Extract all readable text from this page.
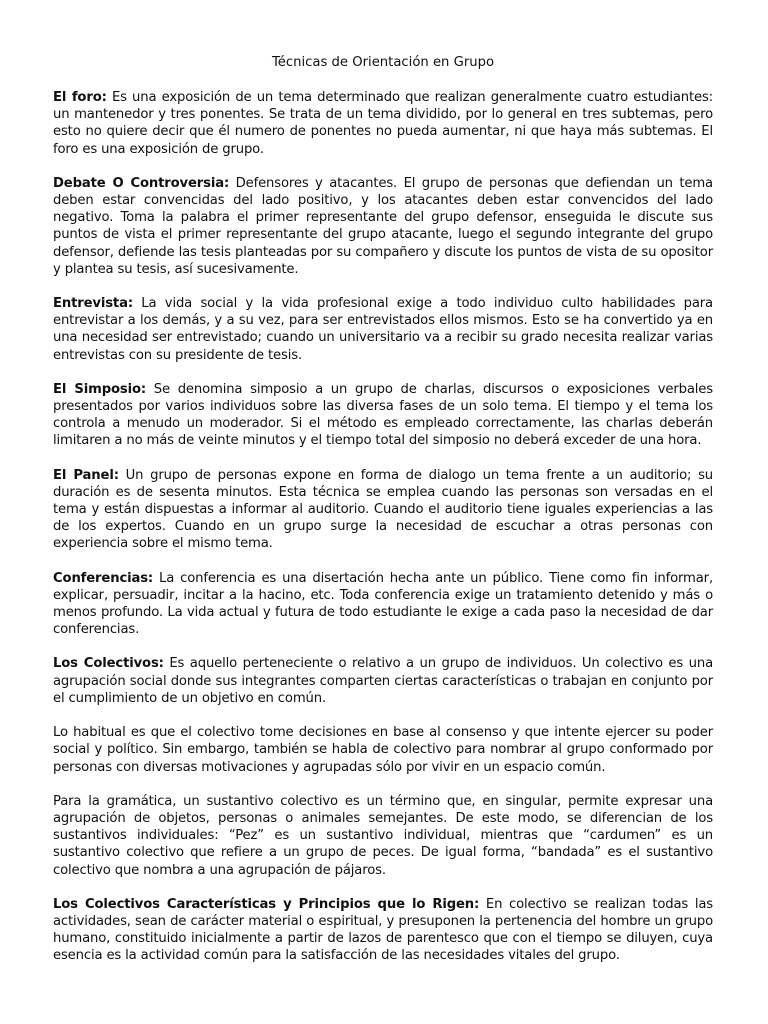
Técnicas de Orientación en Grupo

El foro: Es una exposición de un tema determinado que realizan generalmente cuatro estudiantes: un mantenedor y tres ponentes. Se trata de un tema dividido, por lo general en tres subtemas, pero esto no quiere decir que él numero de ponentes no pueda aumentar, ni que haya más subtemas. El foro es una exposición de grupo.

Debate O Controversia: Defensores y atacantes. El grupo de personas que defiendan un tema deben estar convencidas del lado positivo, y los atacantes deben estar convencidos del lado negativo. Toma la palabra el primer representante del grupo defensor, enseguida le discute sus puntos de vista el primer representante del grupo atacante, luego el segundo integrante del grupo defensor, defiende las tesis planteadas por su compañero y discute los puntos de vista de su opositor y plantea su tesis, así sucesivamente.

Entrevista: La vida social y la vida profesional exige a todo individuo culto habilidades para entrevistar a los demás, y a su vez, para ser entrevistados ellos mismos. Esto se ha convertido ya en una necesidad ser entrevistado; cuando un universitario va a recibir su grado necesita realizar varias entrevistas con su presidente de tesis.

El Simposio: Se denomina simposio a un grupo de charlas, discursos o exposiciones verbales presentados por varios individuos sobre las diversa fases de un solo tema. El tiempo y el tema los controla a menudo un moderador. Si el método es empleado correctamente, las charlas deberán limitaren a no más de veinte minutos y el tiempo total del simposio no deberá exceder de una hora.

El Panel: Un grupo de personas expone en forma de dialogo un tema frente a un auditorio; su duración es de sesenta minutos. Esta técnica se emplea cuando las personas son versadas en el tema y están dispuestas a informar al auditorio. Cuando el auditorio tiene iguales experiencias a las de los expertos. Cuando en un grupo surge la necesidad de escuchar a otras personas con experiencia sobre el mismo tema.

Conferencias: La conferencia es una disertación hecha ante un público. Tiene como fin informar, explicar, persuadir, incitar a la hacino, etc. Toda conferencia exige un tratamiento detenido y más o menos profundo. La vida actual y futura de todo estudiante le exige a cada paso la necesidad de dar conferencias.

Los Colectivos: Es aquello perteneciente o relativo a un grupo de individuos. Un colectivo es una agrupación social donde sus integrantes comparten ciertas características o trabajan en conjunto por el cumplimiento de un objetivo en común.

Lo habitual es que el colectivo tome decisiones en base al consenso y que intente ejercer su poder social y político. Sin embargo, también se habla de colectivo para nombrar al grupo conformado por personas con diversas motivaciones y agrupadas sólo por vivir en un espacio común.

Para la gramática, un sustantivo colectivo es un término que, en singular, permite expresar una agrupación de objetos, personas o animales semejantes. De este modo, se diferencian de los sustantivos individuales: “Pez” es un sustantivo individual, mientras que “cardumen” es un sustantivo colectivo que refiere a un grupo de peces. De igual forma, “bandada” es el sustantivo colectivo que nombra a una agrupación de pájaros.

Los Colectivos Características y Principios que lo Rigen: En colectivo se realizan todas las actividades, sean de carácter material o espiritual, y presuponen la pertenencia del hombre un grupo humano, constituido inicialmente a partir de lazos de parentesco que con el tiempo se diluyen, cuya esencia es la actividad común para la satisfacción de las necesidades vitales del grupo.
